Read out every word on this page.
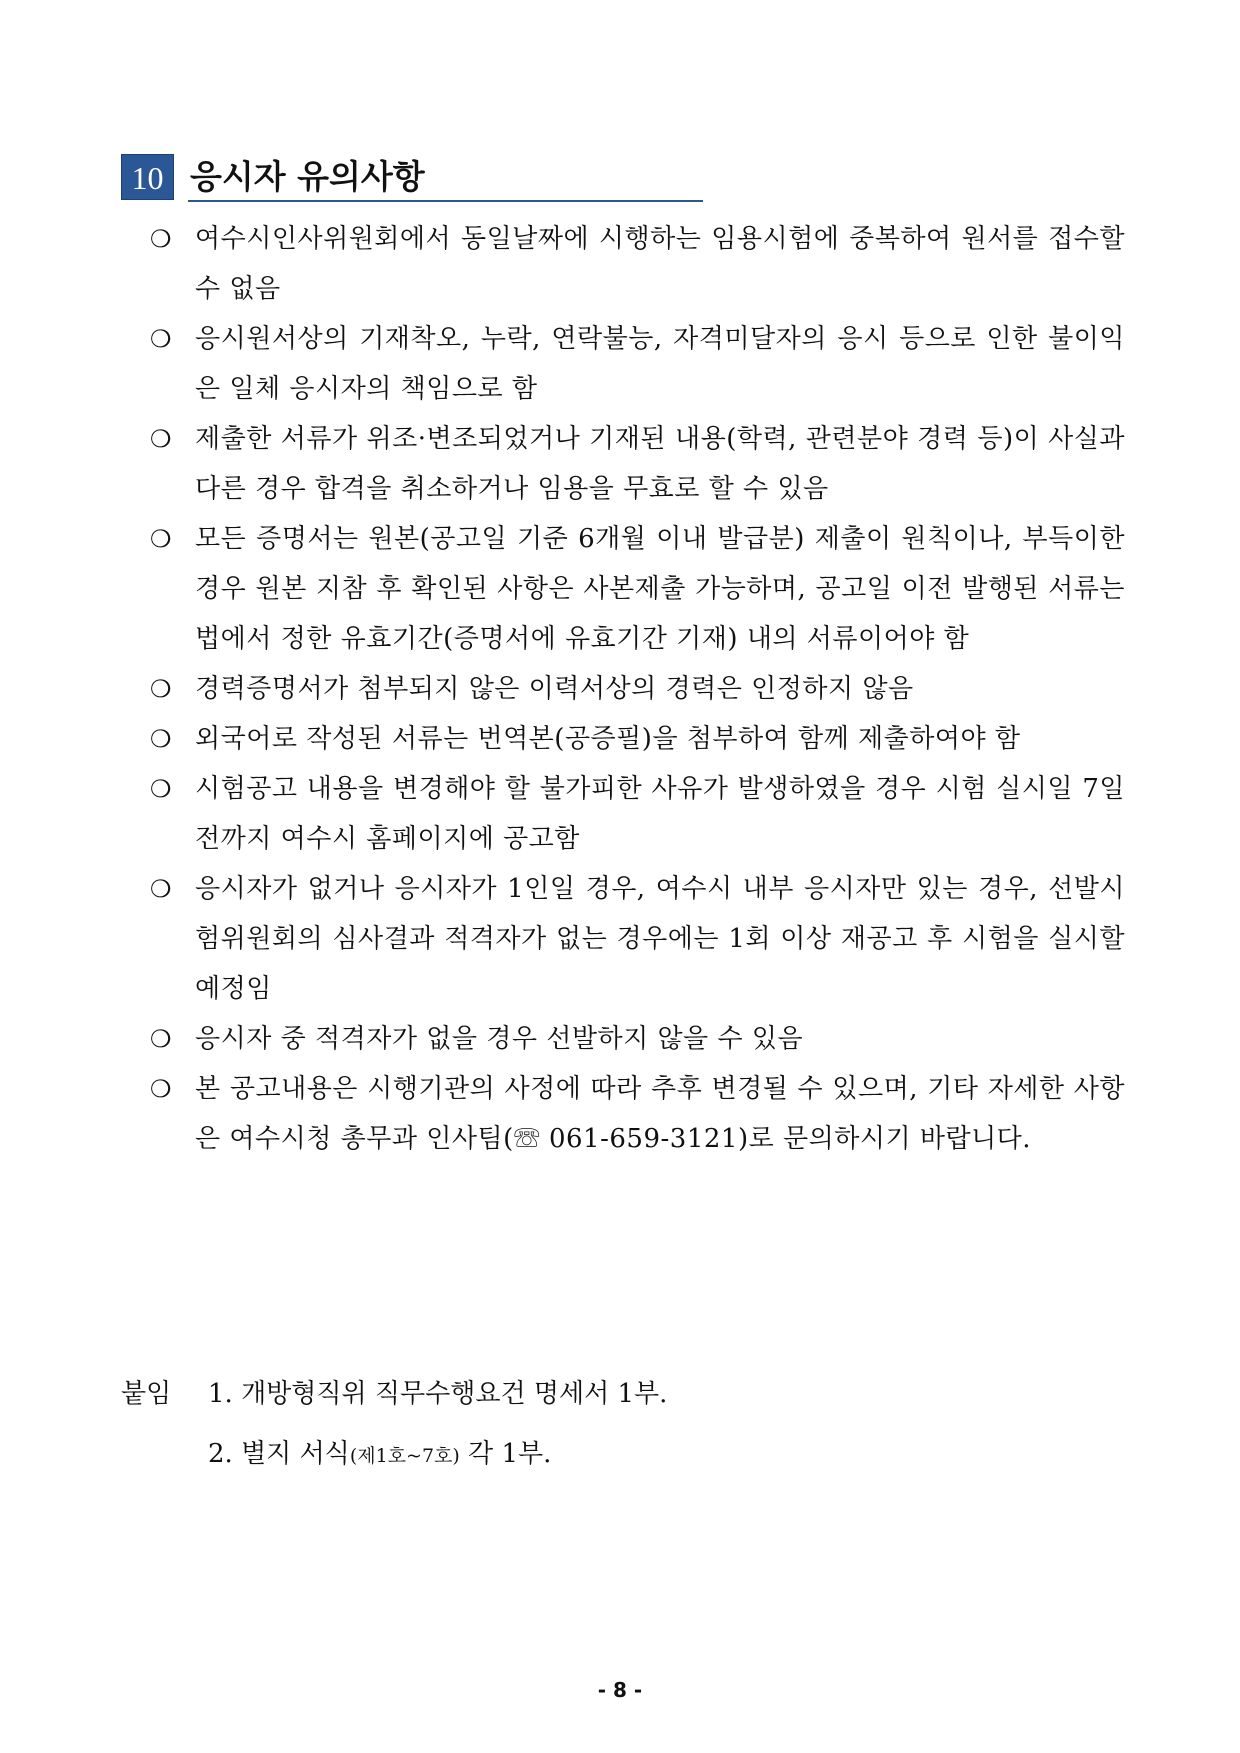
10 응시자 유의사항
❍ 여수시인사위원회에서 동일날짜에 시행하는 임용시험에 중복하여 원서를 접수할 수 없음
❍ 응시원서상의 기재착오, 누락, 연락불능, 자격미달자의 응시 등으로 인한 불이익은 일체 응시자의 책임으로 함
❍ 제출한 서류가 위조·변조되었거나 기재된 내용(학력, 관련분야 경력 등)이 사실과 다른 경우 합격을 취소하거나 임용을 무효로 할 수 있음
❍ 모든 증명서는 원본(공고일 기준 6개월 이내 발급분) 제출이 원칙이나, 부득이한 경우 원본 지참 후 확인된 사항은 사본제출 가능하며, 공고일 이전 발행된 서류는 법에서 정한 유효기간(증명서에 유효기간 기재) 내의 서류이어야 함
❍ 경력증명서가 첨부되지 않은 이력서상의 경력은 인정하지 않음
❍ 외국어로 작성된 서류는 번역본(공증필)을 첨부하여 함께 제출하여야 함
❍ 시험공고 내용을 변경해야 할 불가피한 사유가 발생하였을 경우 시험 실시일 7일전까지 여수시 홈페이지에 공고함
❍ 응시자가 없거나 응시자가 1인일 경우, 여수시 내부 응시자만 있는 경우, 선발시험위원회의 심사결과 적격자가 없는 경우에는 1회 이상 재공고 후 시험을 실시할 예정임
❍ 응시자 중 적격자가 없을 경우 선발하지 않을 수 있음
❍ 본 공고내용은 시행기관의 사정에 따라 추후 변경될 수 있으며, 기타 자세한 사항은 여수시청 총무과 인사팀(☏ 061-659-3121)로 문의하시기 바랍니다.
붙임	1. 개방형직위 직무수행요건 명세서 1부.
2. 별지 서식(제1호~7호) 각 1부.
- 8 -
